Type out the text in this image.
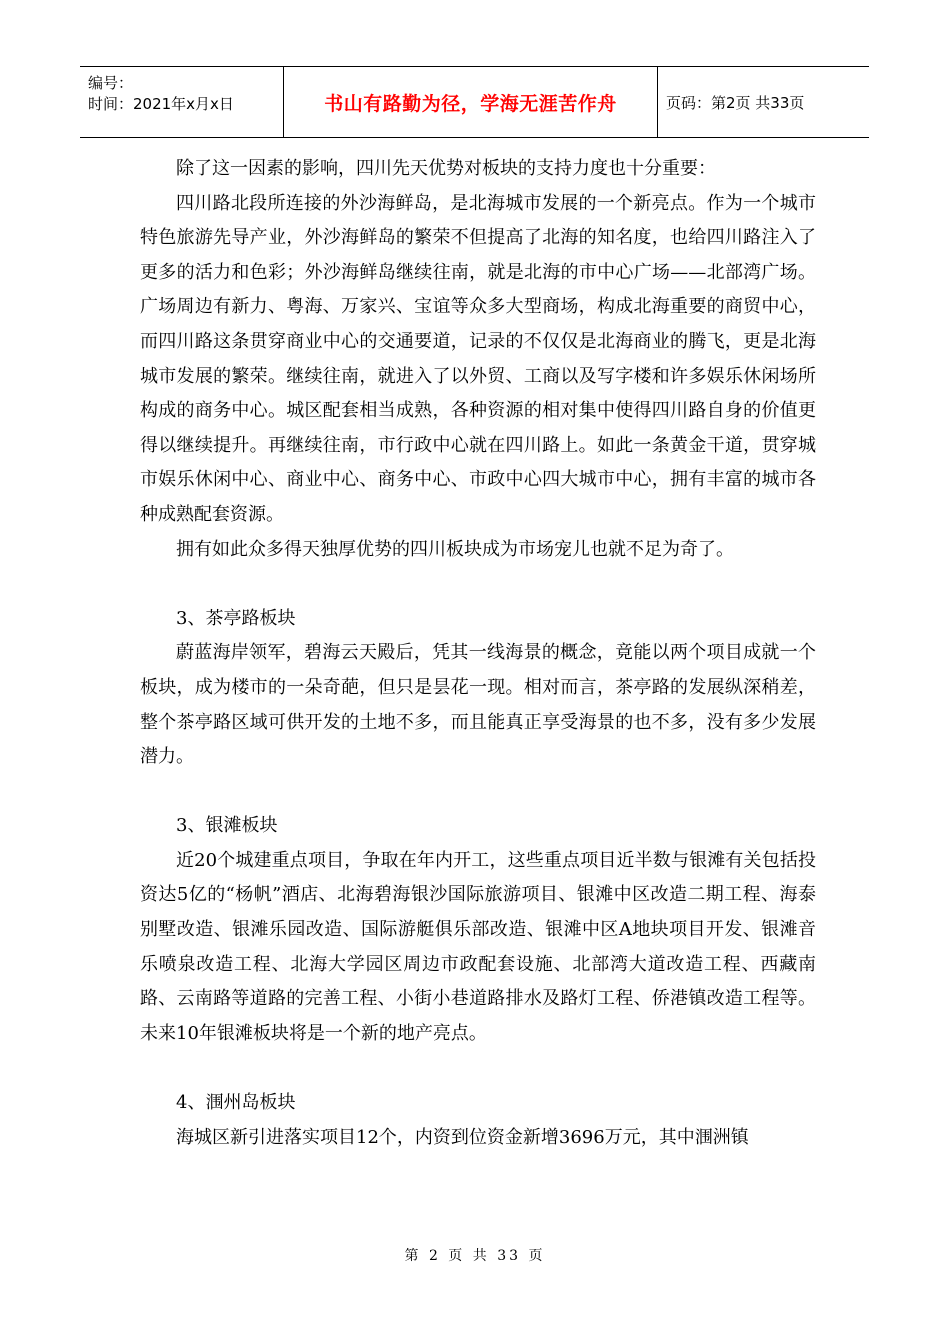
编号：
时间：2021年x月x日	书山有路勤为径，学海无涯苦作舟	页码：第2页 共33页

除了这一因素的影响，四川先天优势对板块的支持力度也十分重要：

四川路北段所连接的外沙海鲜岛，是北海城市发展的一个新亮点。作为一个城市特色旅游先导产业，外沙海鲜岛的繁荣不但提高了北海的知名度，也给四川路注入了更多的活力和色彩；外沙海鲜岛继续往南，就是北海的市中心广场——北部湾广场。广场周边有新力、粤海、万家兴、宝谊等众多大型商场，构成北海重要的商贸中心，而四川路这条贯穿商业中心的交通要道，记录的不仅仅是北海商业的腾飞，更是北海城市发展的繁荣。继续往南，就进入了以外贸、工商以及写字楼和许多娱乐休闲场所构成的商务中心。城区配套相当成熟，各种资源的相对集中使得四川路自身的价值更得以继续提升。再继续往南，市行政中心就在四川路上。如此一条黄金干道，贯穿城市娱乐休闲中心、商业中心、商务中心、市政中心四大城市中心，拥有丰富的城市各种成熟配套资源。

拥有如此众多得天独厚优势的四川板块成为市场宠儿也就不足为奇了。

3、茶亭路板块

蔚蓝海岸领军，碧海云天殿后，凭其一线海景的概念，竟能以两个项目成就一个板块，成为楼市的一朵奇葩，但只是昙花一现。相对而言，茶亭路的发展纵深稍差，整个茶亭路区域可供开发的土地不多，而且能真正享受海景的也不多，没有多少发展潜力。

3、银滩板块

近20个城建重点项目，争取在年内开工，这些重点项目近半数与银滩有关包括投资达5亿的“杨帆”酒店、北海碧海银沙国际旅游项目、银滩中区改造二期工程、海泰别墅改造、银滩乐园改造、国际游艇俱乐部改造、银滩中区A地块项目开发、银滩音乐喷泉改造工程、北海大学园区周边市政配套设施、北部湾大道改造工程、西藏南路、云南路等道路的完善工程、小街小巷道路排水及路灯工程、侨港镇改造工程等。未来10年银滩板块将是一个新的地产亮点。

4、涠州岛板块

海城区新引进落实项目12个，内资到位资金新增3696万元，其中涠洲镇

第 2 页 共 33 页
